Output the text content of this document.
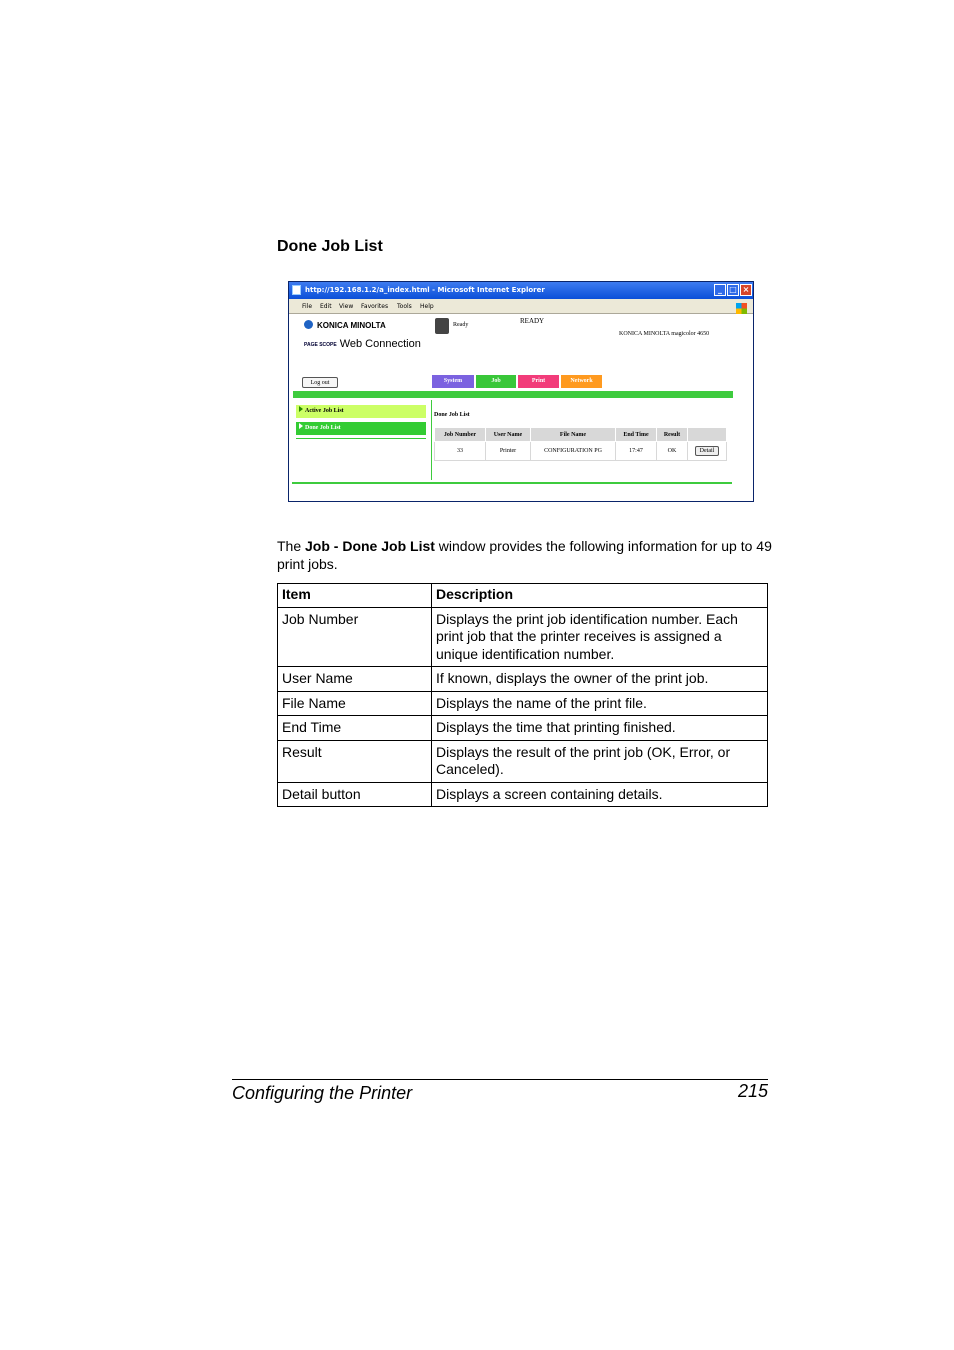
Done Job List
http://192.168.1.2/a_index.html - Microsoft Internet Explorer	_ □ ×
File Edit View Favorites Tools Help
KONICA MINOLTA
PAGE SCOPE Web Connection
Ready	READY
KONICA MINOLTA magicolor 4650
Log out	System	Job	Print	Network
Active Job List
Done Job List
Done Job List
Job Number	User Name	File Name	End Time	Result	
33	Printer	CONFIGURATION PG	17:47	OK	Detail
The Job - Done Job List window provides the following information for up to 49 print jobs.
Item	Description
Job Number	Displays the print job identification number. Each print job that the printer receives is assigned a unique identification number.
User Name	If known, displays the owner of the print job.
File Name	Displays the name of the print file.
End Time	Displays the time that printing finished.
Result	Displays the result of the print job (OK, Error, or Canceled).
Detail button	Displays a screen containing details.
Configuring the Printer	215
